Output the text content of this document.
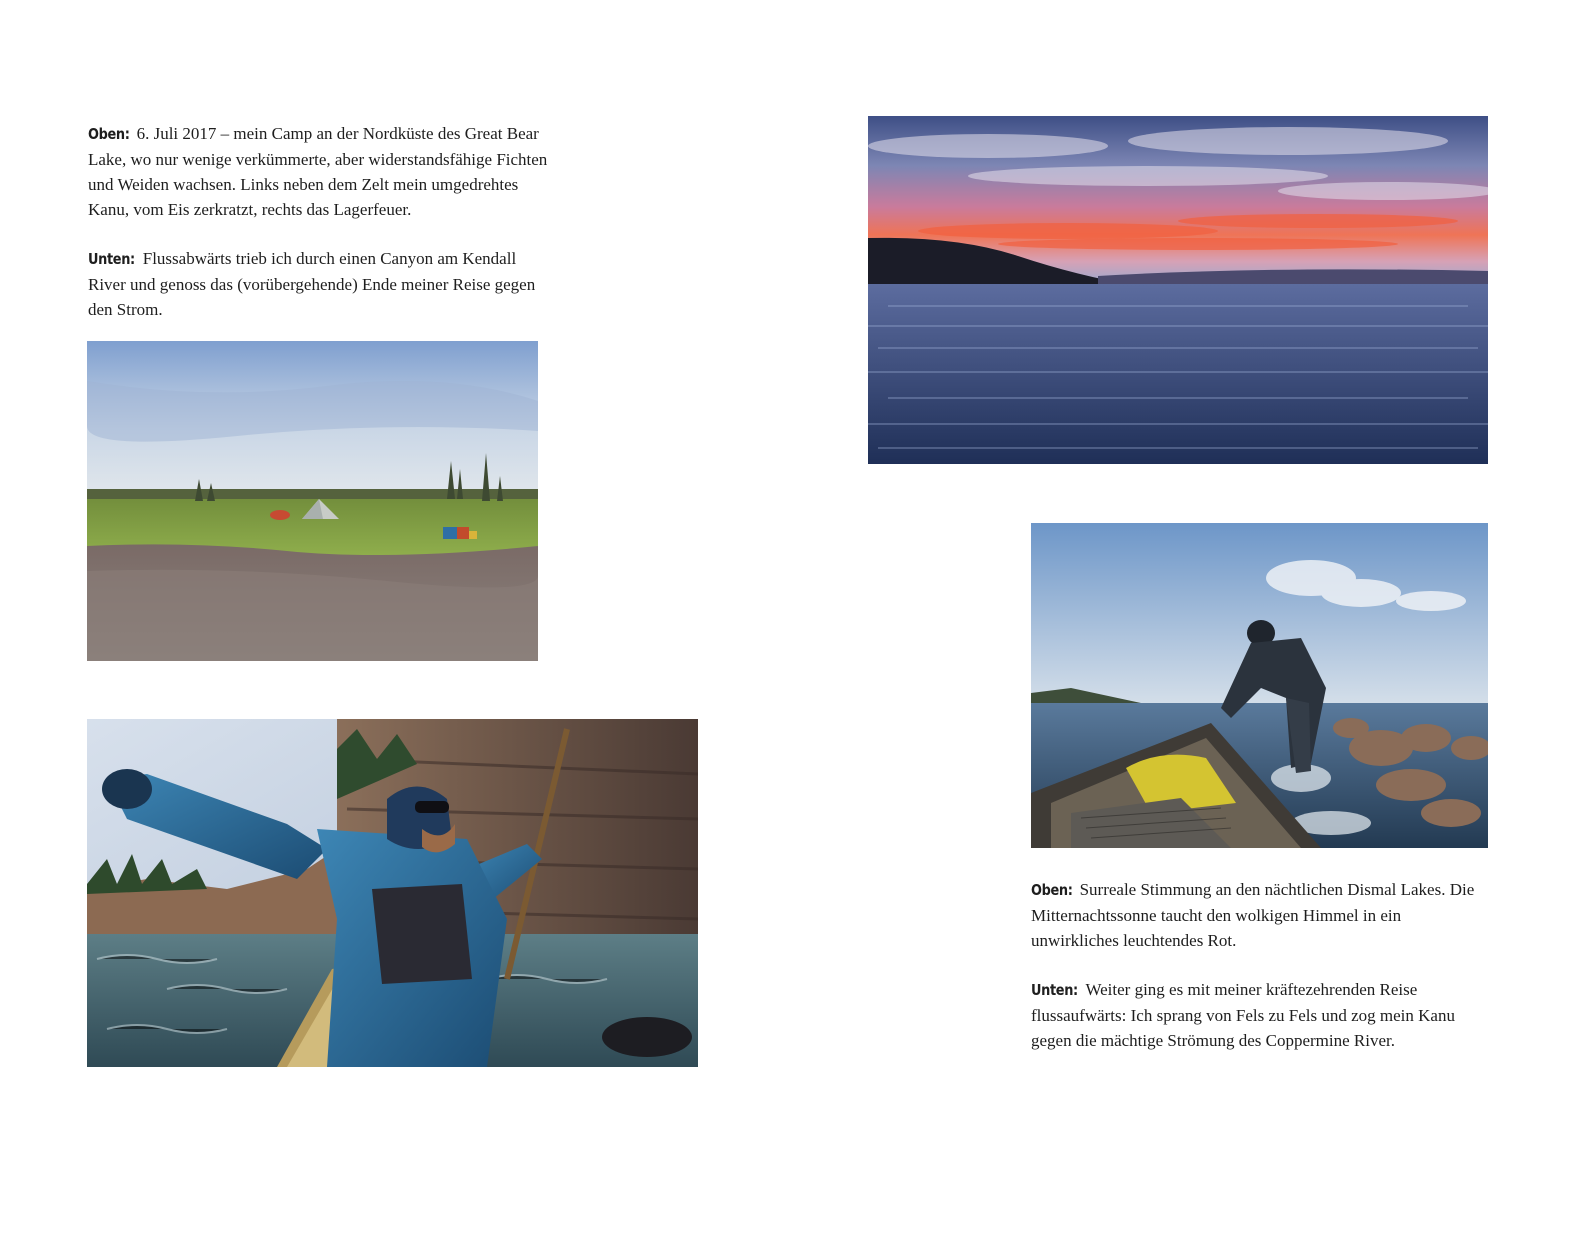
Oben: 6. Juli 2017 – mein Camp an der Nordküste des Great Bear Lake, wo nur wenige verkümmerte, aber widerstandsfähige Fichten und Weiden wachsen. Links neben dem Zelt mein umgedrehtes Kanu, vom Eis zerkratzt, rechts das Lagerfeuer.

Unten: Flussabwärts trieb ich durch einen Canyon am Kendall River und genoss das (vorübergehende) Ende meiner Reise gegen den Strom.

Oben: Surreale Stimmung an den nächtlichen Dismal Lakes. Die Mitternachtssonne taucht den wolkigen Himmel in ein unwirkliches leuchtendes Rot.

Unten: Weiter ging es mit meiner kräftezehrenden Reise flussaufwärts: Ich sprang von Fels zu Fels und zog mein Kanu gegen die mächtige Strömung des Coppermine River.
